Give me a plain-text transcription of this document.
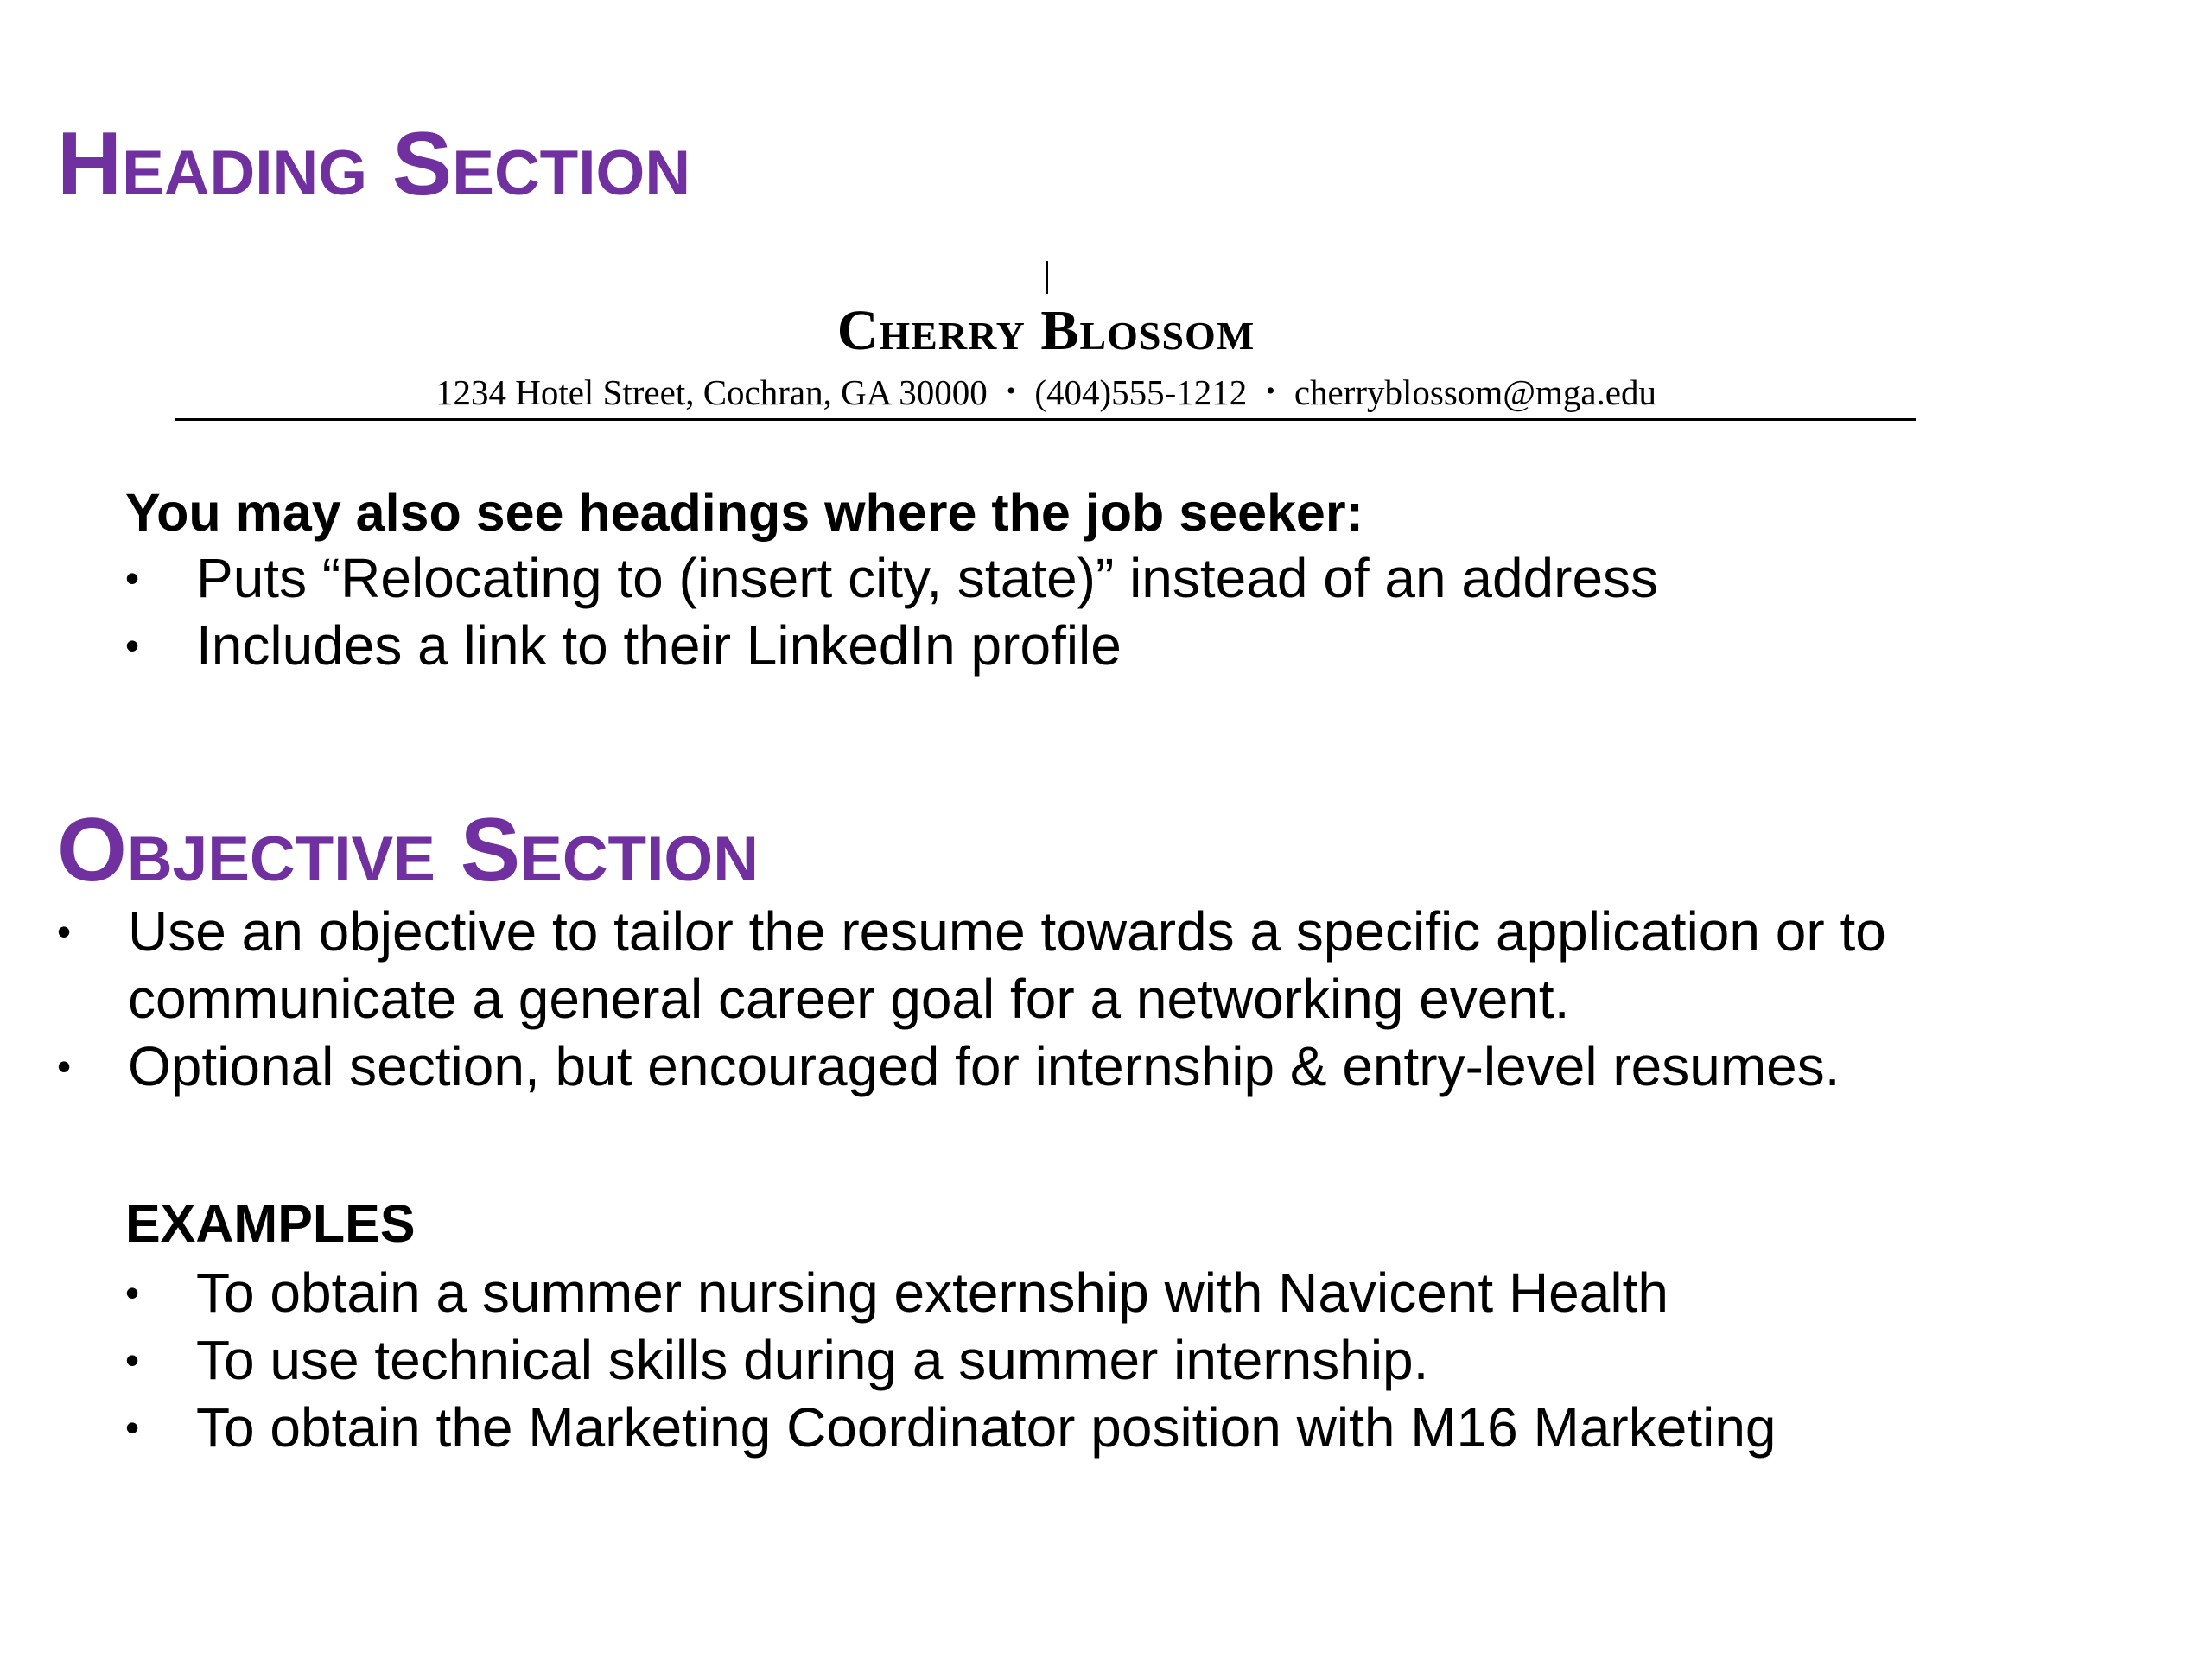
Heading Section
Cherry Blossom
1234 Hotel Street, Cochran, GA 30000 • (404)555-1212 • cherryblossom@mga.edu

You may also see headings where the job seeker:

• Puts “Relocating to (insert city, state)” instead of an address
• Includes a link to their LinkedIn profile
Objective Section
• Use an objective to tailor the resume towards a specific application or to communicate a general career goal for a networking event.
• Optional section, but encouraged for internship & entry-level resumes.

EXAMPLES

• To obtain a summer nursing externship with Navicent Health
• To use technical skills during a summer internship.
• To obtain the Marketing Coordinator position with M16 Marketing
